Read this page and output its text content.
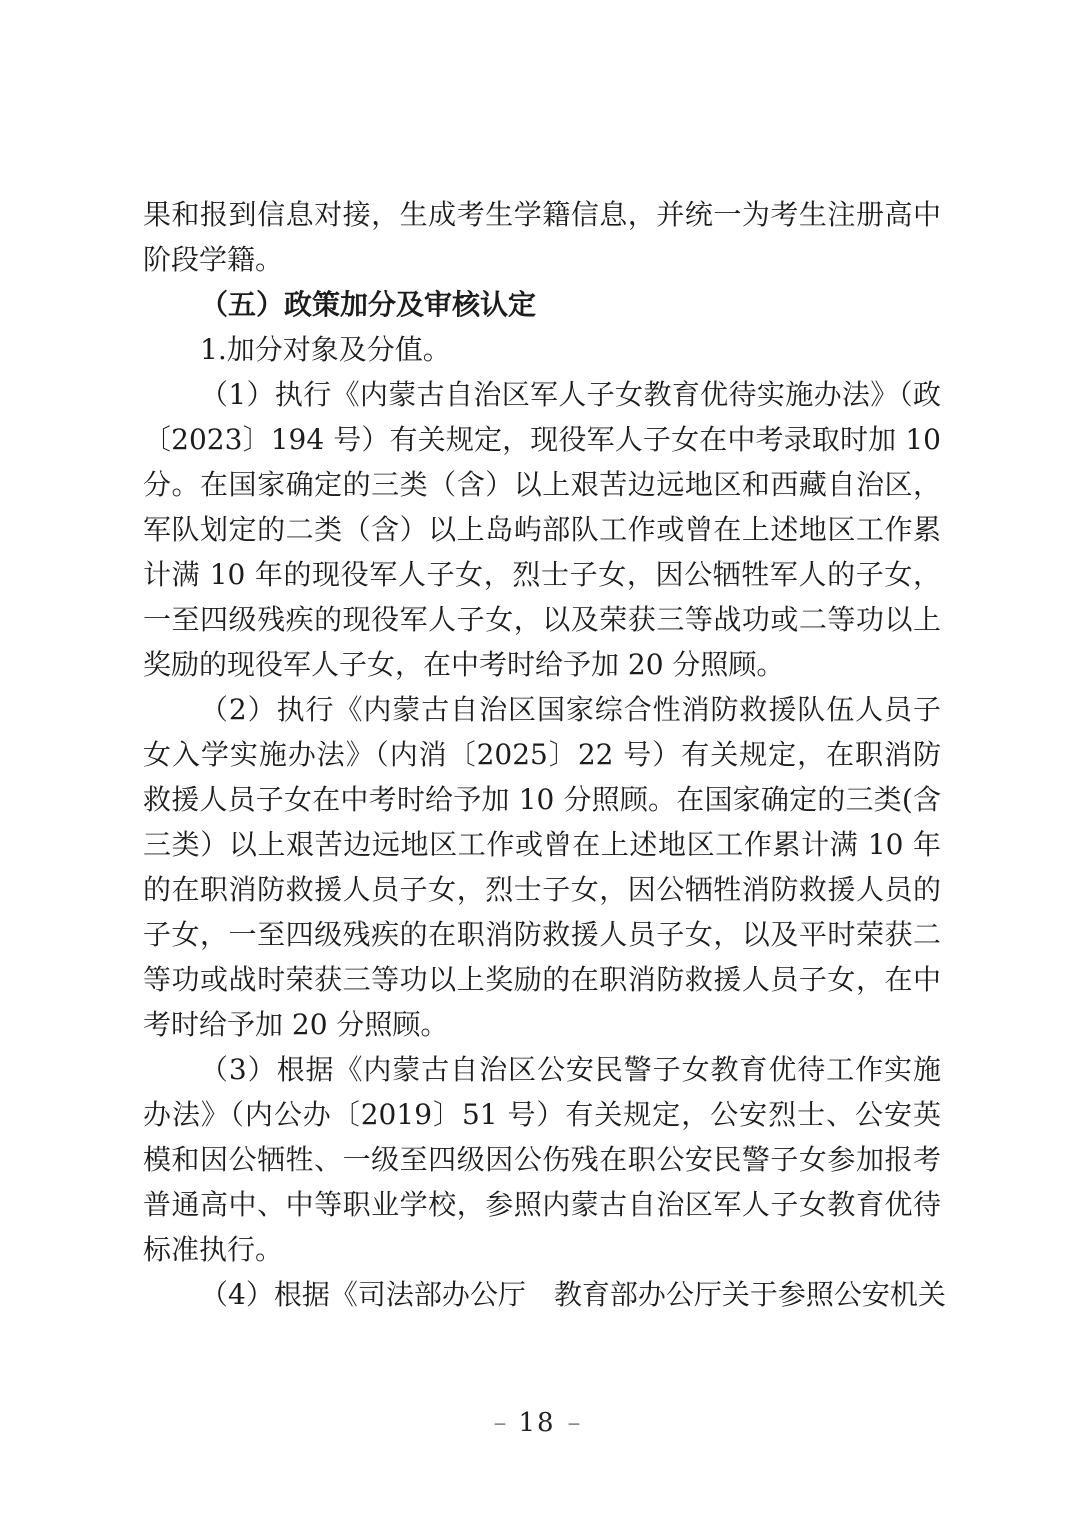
果和报到信息对接，生成考生学籍信息，并统一为考生注册高中
阶段学籍。
（五）政策加分及审核认定
1.加分对象及分值。
（1）执行《内蒙古自治区军人子女教育优待实施办法》（政
〔2023〕194 号）有关规定，现役军人子女在中考录取时加 10
分。在国家确定的三类（含）以上艰苦边远地区和西藏自治区，
军队划定的二类（含）以上岛屿部队工作或曾在上述地区工作累
计满 10 年的现役军人子女，烈士子女，因公牺牲军人的子女，
一至四级残疾的现役军人子女，以及荣获三等战功或二等功以上
奖励的现役军人子女，在中考时给予加 20 分照顾。
（2）执行《内蒙古自治区国家综合性消防救援队伍人员子
女入学实施办法》（内消〔2025〕22 号）有关规定，在职消防
救援人员子女在中考时给予加 10 分照顾。在国家确定的三类(含
三类）以上艰苦边远地区工作或曾在上述地区工作累计满 10 年
的在职消防救援人员子女，烈士子女，因公牺牲消防救援人员的
子女，一至四级残疾的在职消防救援人员子女，以及平时荣获二
等功或战时荣获三等功以上奖励的在职消防救援人员子女，在中
考时给予加 20 分照顾。
（3）根据《内蒙古自治区公安民警子女教育优待工作实施
办法》（内公办〔2019〕51 号）有关规定，公安烈士、公安英
模和因公牺牲、一级至四级因公伤残在职公安民警子女参加报考
普通高中、中等职业学校，参照内蒙古自治区军人子女教育优待
标准执行。
（4）根据《司法部办公厅　教育部办公厅关于参照公安机关
– 18 –
